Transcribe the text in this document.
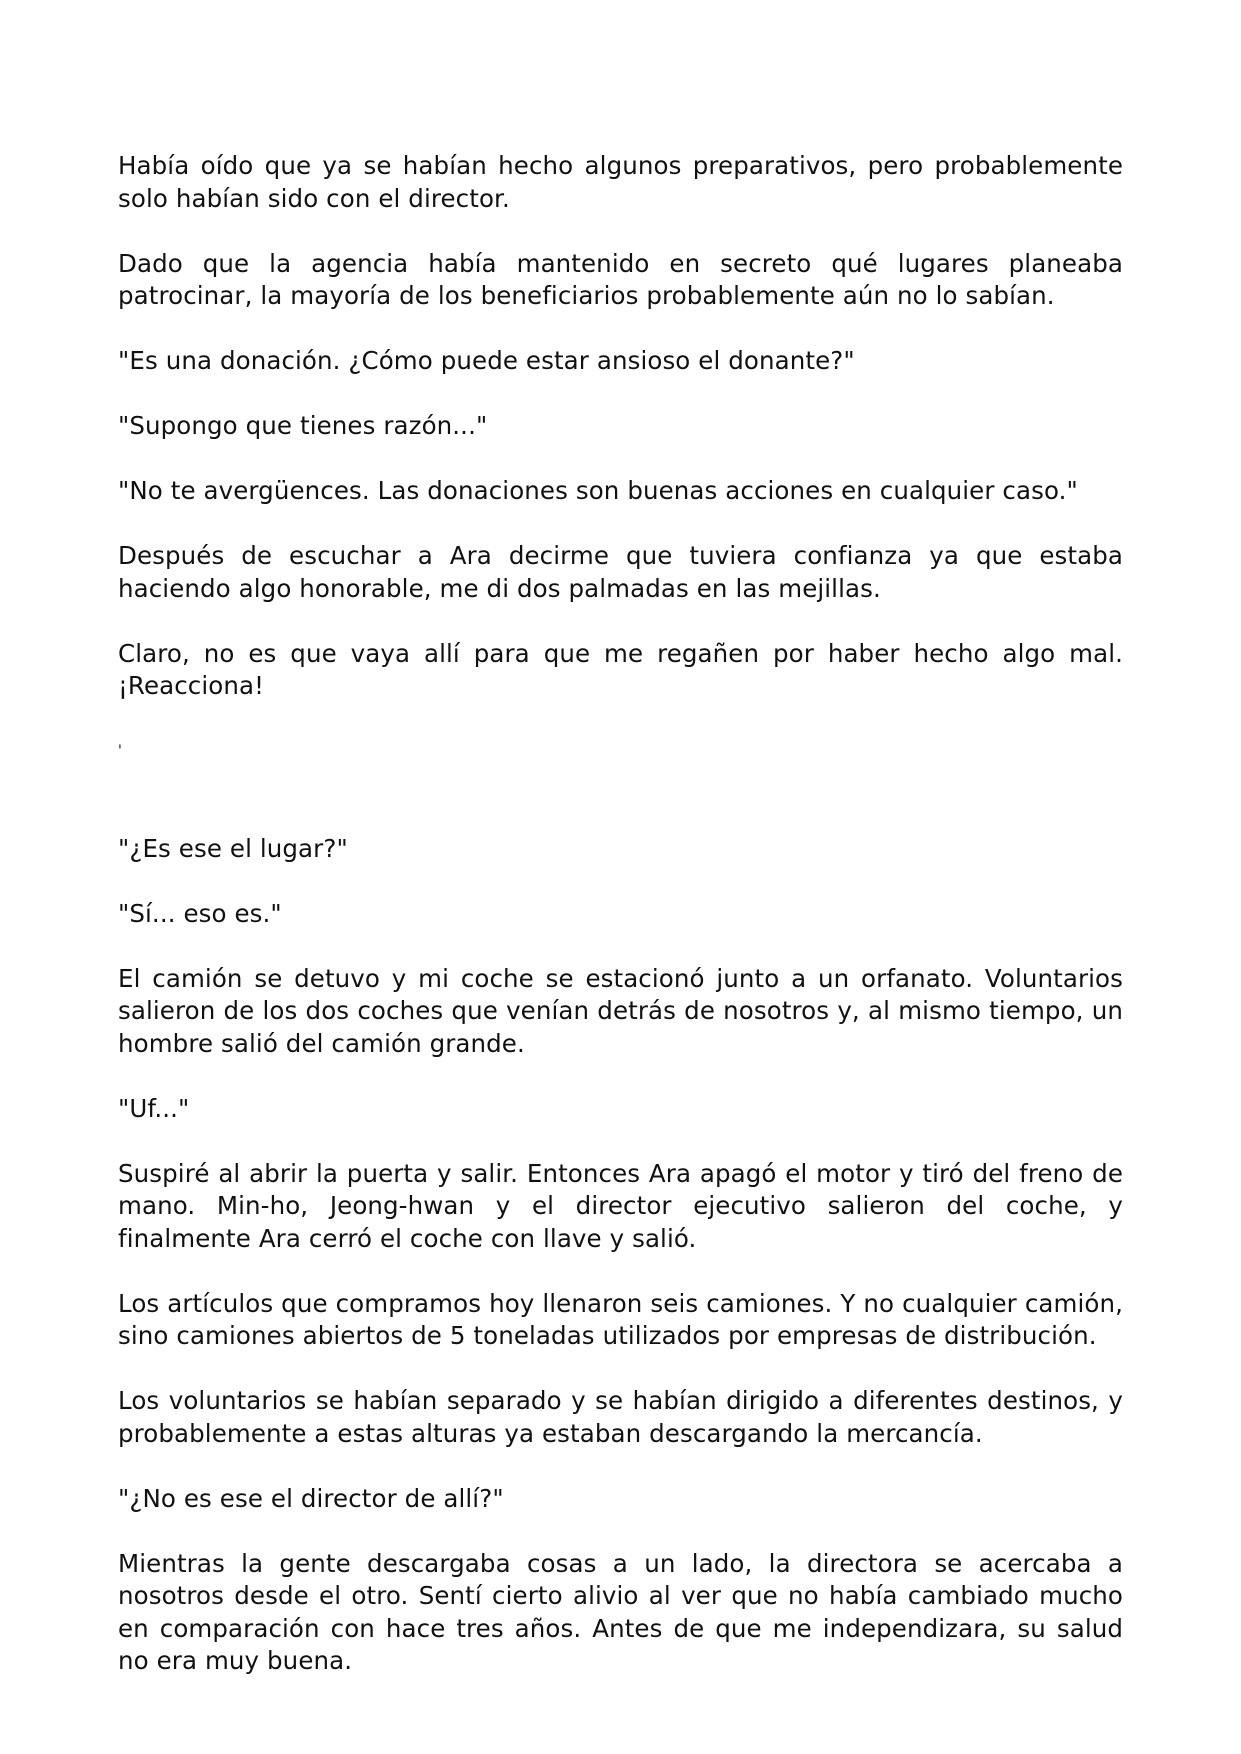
Había oído que ya se habían hecho algunos preparativos, pero probablemente solo habían sido con el director.

Dado que la agencia había mantenido en secreto qué lugares planeaba patrocinar, la mayoría de los beneficiarios probablemente aún no lo sabían.

"Es una donación. ¿Cómo puede estar ansioso el donante?"

"Supongo que tienes razón..."

"No te avergüences. Las donaciones son buenas acciones en cualquier caso."

Después de escuchar a Ara decirme que tuviera confianza ya que estaba haciendo algo honorable, me di dos palmadas en las mejillas.

Claro, no es que vaya allí para que me regañen por haber hecho algo mal. ¡Reacciona!

'

"¿Es ese el lugar?"

"Sí... eso es."

El camión se detuvo y mi coche se estacionó junto a un orfanato. Voluntarios salieron de los dos coches que venían detrás de nosotros y, al mismo tiempo, un hombre salió del camión grande.

"Uf..."

Suspiré al abrir la puerta y salir. Entonces Ara apagó el motor y tiró del freno de mano. Min-ho, Jeong-hwan y el director ejecutivo salieron del coche, y finalmente Ara cerró el coche con llave y salió.

Los artículos que compramos hoy llenaron seis camiones. Y no cualquier camión, sino camiones abiertos de 5 toneladas utilizados por empresas de distribución.

Los voluntarios se habían separado y se habían dirigido a diferentes destinos, y probablemente a estas alturas ya estaban descargando la mercancía.

"¿No es ese el director de allí?"

Mientras la gente descargaba cosas a un lado, la directora se acercaba a nosotros desde el otro. Sentí cierto alivio al ver que no había cambiado mucho en comparación con hace tres años. Antes de que me independizara, su salud no era muy buena.
